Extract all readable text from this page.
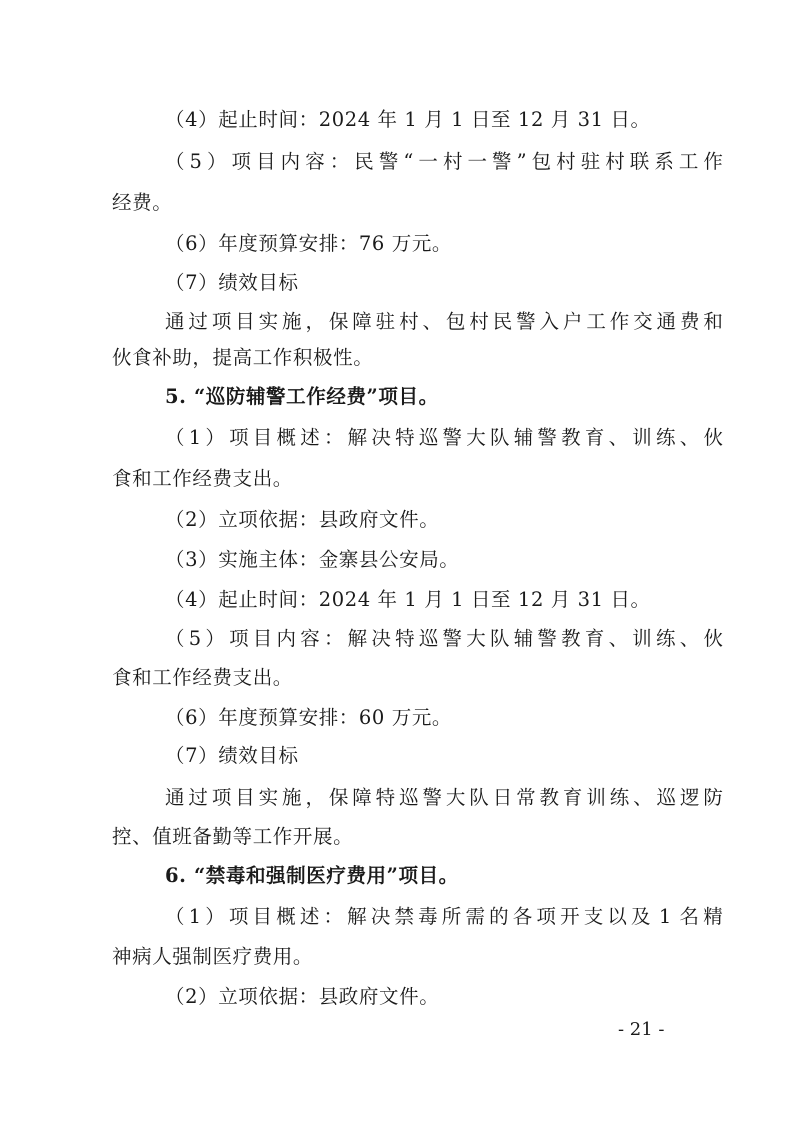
（4）起止时间：2024 年 1 月 1 日至 12 月 31 日。
（ 5 ） 项 目 内 容 ： 民 警 “ 一 村 一 警 ” 包 村 驻 村 联 系 工 作
经费。
（6）年度预算安排：76 万元。
（7）绩效目标
通 过 项 目 实 施 ， 保 障 驻 村 、 包 村 民 警 入 户 工 作 交 通 费 和
伙食补助，提高工作积极性。
5. “巡防辅警工作经费”项目。
（ 1 ） 项 目 概 述 ： 解 决 特 巡 警 大 队 辅 警 教 育 、 训 练 、 伙
食和工作经费支出。
（2）立项依据：县政府文件。
（3）实施主体：金寨县公安局。
（4）起止时间：2024 年 1 月 1 日至 12 月 31 日。
（ 5 ） 项 目 内 容 ： 解 决 特 巡 警 大 队 辅 警 教 育 、 训 练 、 伙
食和工作经费支出。
（6）年度预算安排：60 万元。
（7）绩效目标
通 过 项 目 实 施 ， 保 障 特 巡 警 大 队 日 常 教 育 训 练 、 巡 逻 防
控、值班备勤等工作开展。
6. “禁毒和强制医疗费用”项目。
（ 1 ） 项 目 概 述 ： 解 决 禁 毒 所 需 的 各 项 开 支 以 及 1 名 精
神病人强制医疗费用。
（2）立项依据：县政府文件。
- 21 -
